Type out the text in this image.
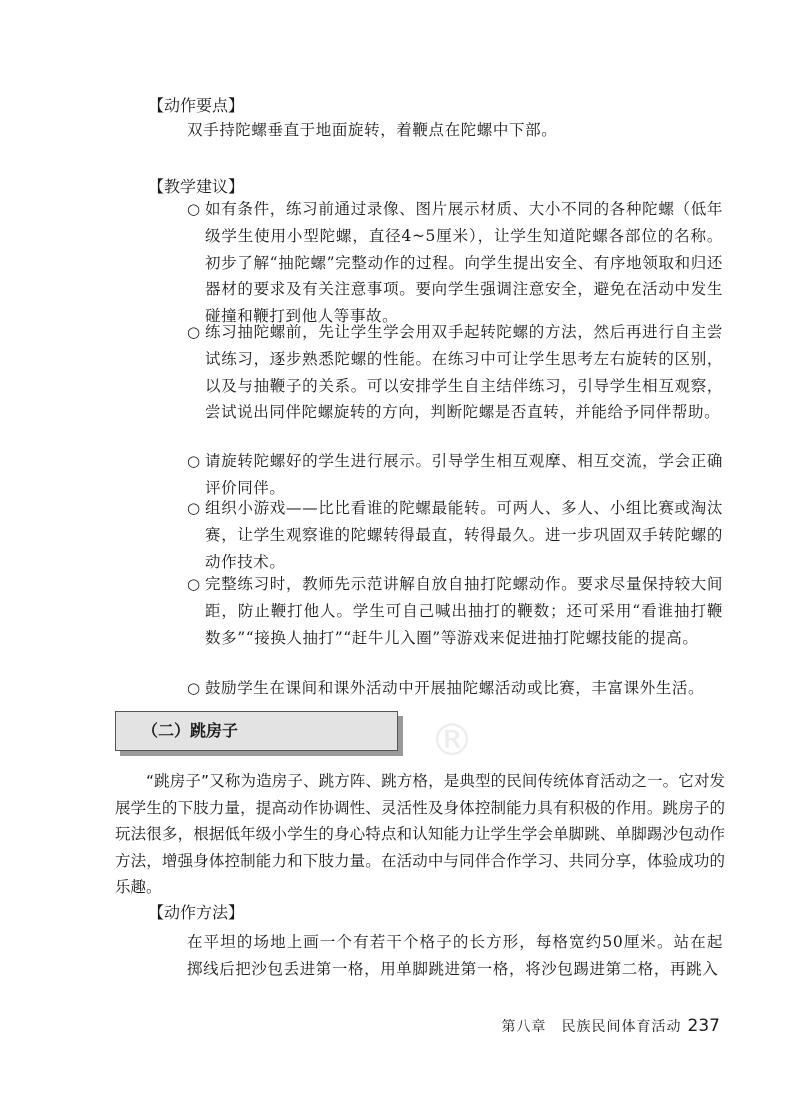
®
【动作要点】
双手持陀螺垂直于地面旋转，着鞭点在陀螺中下部。
【教学建议】
○ 如有条件，练习前通过录像、图片展示材质、大小不同的各种陀螺（低年级学生使用小型陀螺，直径4~5厘米），让学生知道陀螺各部位的名称。初步了解“抽陀螺”完整动作的过程。向学生提出安全、有序地领取和归还器材的要求及有关注意事项。要向学生强调注意安全，避免在活动中发生碰撞和鞭打到他人等事故。
○ 练习抽陀螺前，先让学生学会用双手起转陀螺的方法，然后再进行自主尝试练习，逐步熟悉陀螺的性能。在练习中可让学生思考左右旋转的区别，以及与抽鞭子的关系。可以安排学生自主结伴练习，引导学生相互观察，尝试说出同伴陀螺旋转的方向，判断陀螺是否直转，并能给予同伴帮助。
○ 请旋转陀螺好的学生进行展示。引导学生相互观摩、相互交流，学会正确评价同伴。
○ 组织小游戏——比比看谁的陀螺最能转。可两人、多人、小组比赛或淘汰赛，让学生观察谁的陀螺转得最直，转得最久。进一步巩固双手转陀螺的动作技术。
○ 完整练习时，教师先示范讲解自放自抽打陀螺动作。要求尽量保持较大间距，防止鞭打他人。学生可自己喊出抽打的鞭数；还可采用“看谁抽打鞭数多”“接换人抽打”“赶牛儿入圈”等游戏来促进抽打陀螺技能的提高。
○ 鼓励学生在课间和课外活动中开展抽陀螺活动或比赛，丰富课外生活。
（二）跳房子
“跳房子”又称为造房子、跳方阵、跳方格，是典型的民间传统体育活动之一。它对发展学生的下肢力量，提高动作协调性、灵活性及身体控制能力具有积极的作用。跳房子的玩法很多，根据低年级小学生的身心特点和认知能力让学生学会单脚跳、单脚踢沙包动作方法，增强身体控制能力和下肢力量。在活动中与同伴合作学习、共同分享，体验成功的乐趣。
【动作方法】
在平坦的场地上画一个有若干个格子的长方形，每格宽约50厘米。站在起掷线后把沙包丢进第一格，用单脚跳进第一格，将沙包踢进第二格，再跳入
第八章　民族民间体育活动 237
